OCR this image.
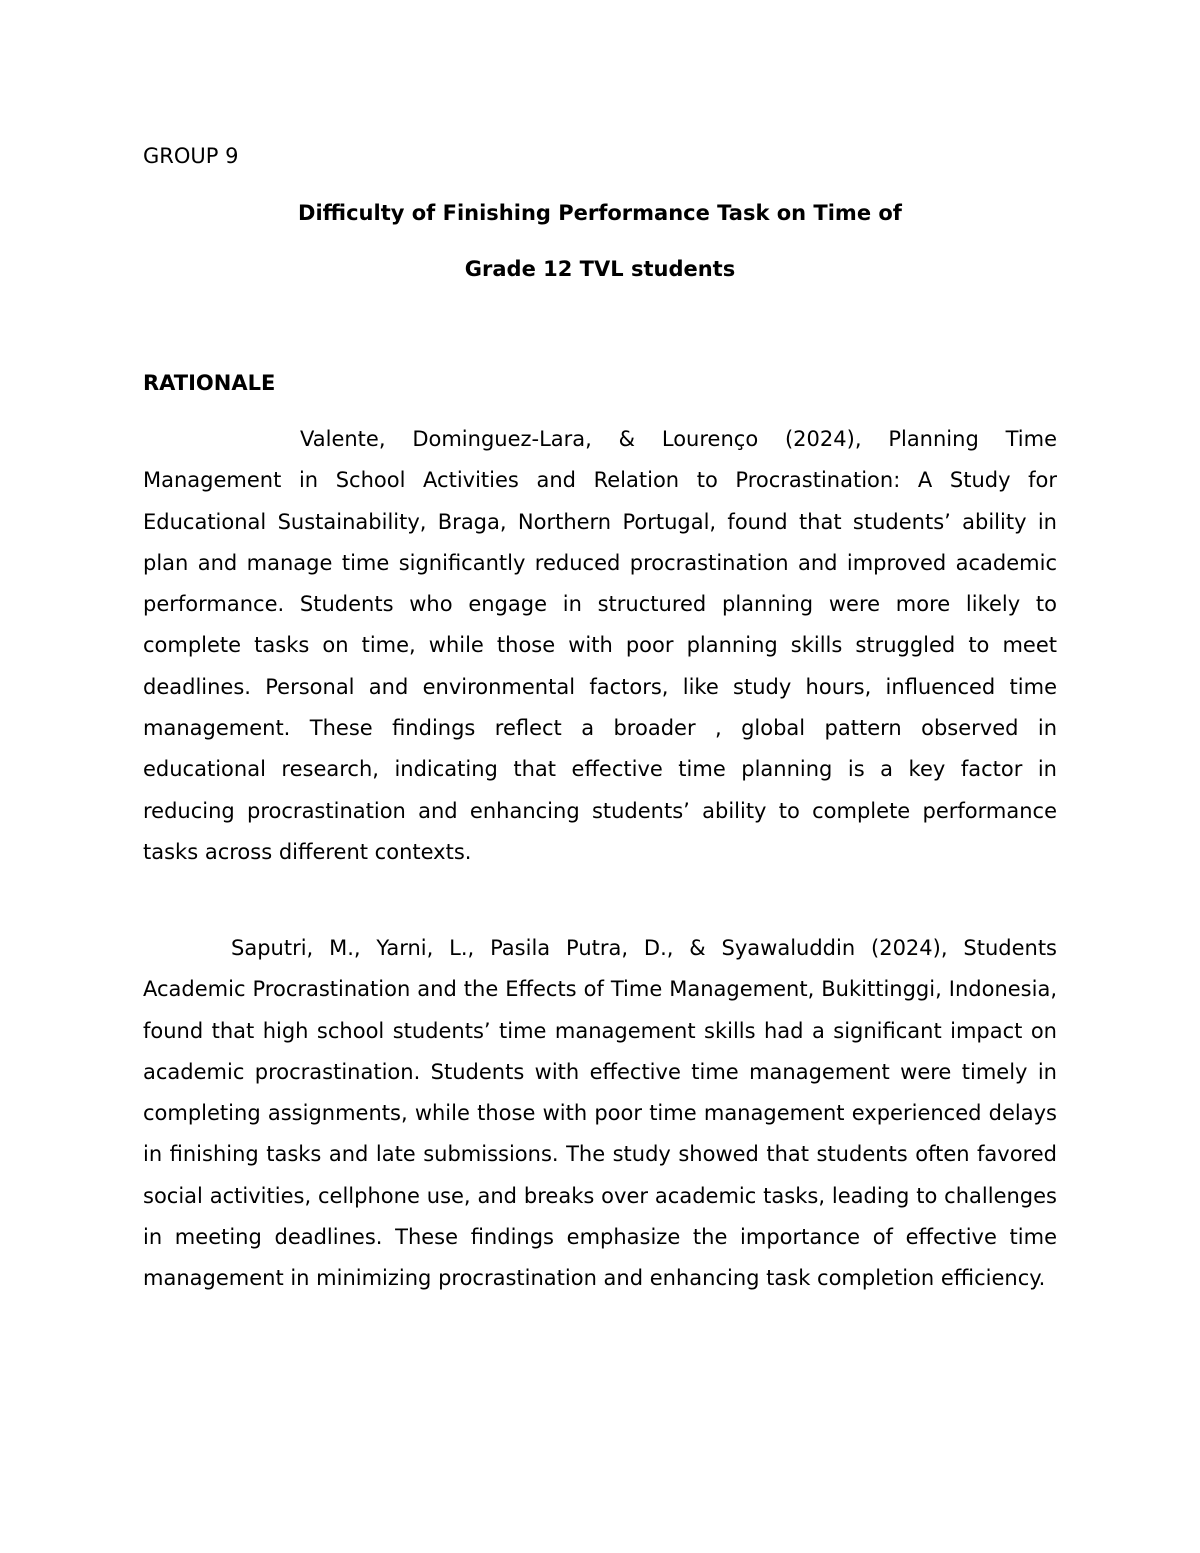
GROUP 9
Difficulty of Finishing Performance Task on Time of
Grade 12 TVL students
RATIONALE

Valente, Dominguez-Lara, & Lourenço (2024), Planning Time Management in School Activities and Relation to Procrastination: A Study for Educational Sustainability, Braga, Northern Portugal, found that students’ ability in plan and manage time significantly reduced procrastination and improved academic performance. Students who engage in structured planning were more likely to complete tasks on time, while those with poor planning skills struggled to meet deadlines. Personal and environmental factors, like study hours, influenced time management. These findings reflect a broader , global pattern observed in educational research, indicating that effective time planning is a key factor in reducing procrastination and enhancing students’ ability to complete performance tasks across different contexts.

Saputri, M., Yarni, L., Pasila Putra, D., & Syawaluddin (2024), Students Academic Procrastination and the Effects of Time Management, Bukittinggi, Indonesia, found that high school students’ time management skills had a significant impact on academic procrastination. Students with effective time management were timely in completing assignments, while those with poor time management experienced delays in finishing tasks and late submissions. The study showed that students often favored social activities, cellphone use, and breaks over academic tasks, leading to challenges in meeting deadlines. These findings emphasize the importance of effective time management in minimizing procrastination and enhancing task completion efficiency.
